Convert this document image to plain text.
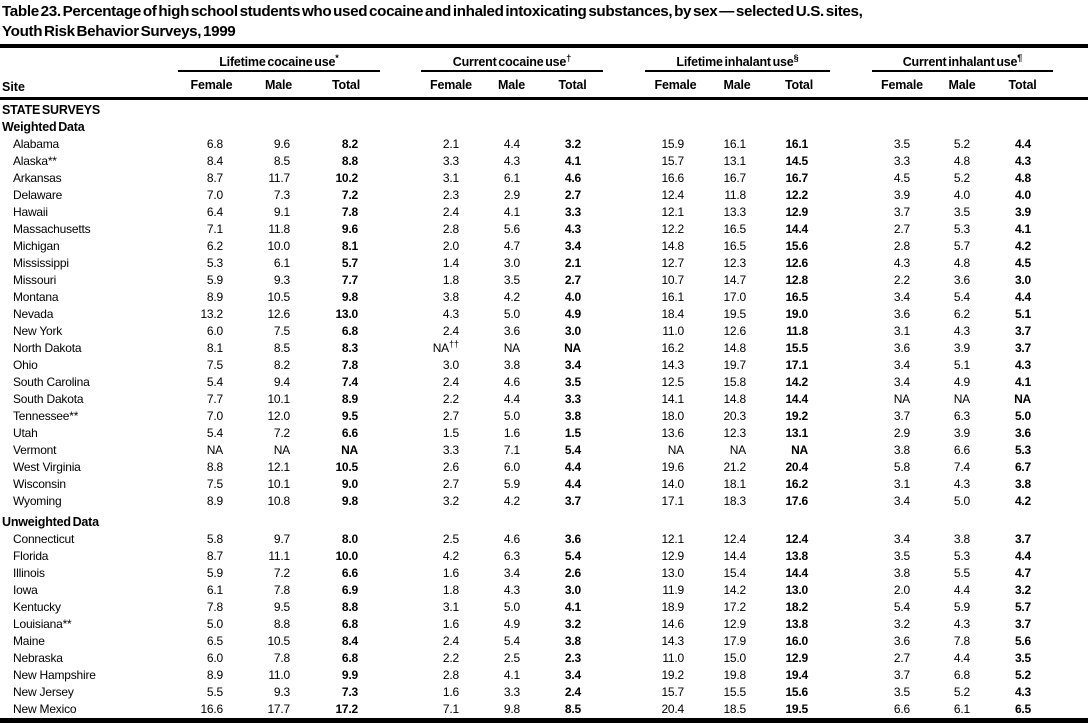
Table 23. Percentage of high school students who used cocaine and inhaled intoxicating substances, by sex — selected U.S. sites,
Youth Risk Behavior Surveys, 1999
	Lifetime cocaine use*				Current cocaine use†				Lifetime inhalant use§				Current inhalant use¶	
Site	Female	Male	Total		Female	Male	Total		Female	Male	Total		Female	Male	Total	
STATE SURVEYS																
Weighted Data																
Alabama	6.8	9.6	8.2		2.1	4.4	3.2		15.9	16.1	16.1		3.5	5.2	4.4	
Alaska**	8.4	8.5	8.8		3.3	4.3	4.1		15.7	13.1	14.5		3.3	4.8	4.3	
Arkansas	8.7	11.7	10.2		3.1	6.1	4.6		16.6	16.7	16.7		4.5	5.2	4.8	
Delaware	7.0	7.3	7.2		2.3	2.9	2.7		12.4	11.8	12.2		3.9	4.0	4.0	
Hawaii	6.4	9.1	7.8		2.4	4.1	3.3		12.1	13.3	12.9		3.7	3.5	3.9	
Massachusetts	7.1	11.8	9.6		2.8	5.6	4.3		12.2	16.5	14.4		2.7	5.3	4.1	
Michigan	6.2	10.0	8.1		2.0	4.7	3.4		14.8	16.5	15.6		2.8	5.7	4.2	
Mississippi	5.3	6.1	5.7		1.4	3.0	2.1		12.7	12.3	12.6		4.3	4.8	4.5	
Missouri	5.9	9.3	7.7		1.8	3.5	2.7		10.7	14.7	12.8		2.2	3.6	3.0	
Montana	8.9	10.5	9.8		3.8	4.2	4.0		16.1	17.0	16.5		3.4	5.4	4.4	
Nevada	13.2	12.6	13.0		4.3	5.0	4.9		18.4	19.5	19.0		3.6	6.2	5.1	
New York	6.0	7.5	6.8		2.4	3.6	3.0		11.0	12.6	11.8		3.1	4.3	3.7	
North Dakota	8.1	8.5	8.3		NA††	NA	NA		16.2	14.8	15.5		3.6	3.9	3.7	
Ohio	7.5	8.2	7.8		3.0	3.8	3.4		14.3	19.7	17.1		3.4	5.1	4.3	
South Carolina	5.4	9.4	7.4		2.4	4.6	3.5		12.5	15.8	14.2		3.4	4.9	4.1	
South Dakota	7.7	10.1	8.9		2.2	4.4	3.3		14.1	14.8	14.4		NA	NA	NA	
Tennessee**	7.0	12.0	9.5		2.7	5.0	3.8		18.0	20.3	19.2		3.7	6.3	5.0	
Utah	5.4	7.2	6.6		1.5	1.6	1.5		13.6	12.3	13.1		2.9	3.9	3.6	
Vermont	NA	NA	NA		3.3	7.1	5.4		NA	NA	NA		3.8	6.6	5.3	
West Virginia	8.8	12.1	10.5		2.6	6.0	4.4		19.6	21.2	20.4		5.8	7.4	6.7	
Wisconsin	7.5	10.1	9.0		2.7	5.9	4.4		14.0	18.1	16.2		3.1	4.3	3.8	
Wyoming	8.9	10.8	9.8		3.2	4.2	3.7		17.1	18.3	17.6		3.4	5.0	4.2	
Unweighted Data																
Connecticut	5.8	9.7	8.0		2.5	4.6	3.6		12.1	12.4	12.4		3.4	3.8	3.7	
Florida	8.7	11.1	10.0		4.2	6.3	5.4		12.9	14.4	13.8		3.5	5.3	4.4	
Illinois	5.9	7.2	6.6		1.6	3.4	2.6		13.0	15.4	14.4		3.8	5.5	4.7	
Iowa	6.1	7.8	6.9		1.8	4.3	3.0		11.9	14.2	13.0		2.0	4.4	3.2	
Kentucky	7.8	9.5	8.8		3.1	5.0	4.1		18.9	17.2	18.2		5.4	5.9	5.7	
Louisiana**	5.0	8.8	6.8		1.6	4.9	3.2		14.6	12.9	13.8		3.2	4.3	3.7	
Maine	6.5	10.5	8.4		2.4	5.4	3.8		14.3	17.9	16.0		3.6	7.8	5.6	
Nebraska	6.0	7.8	6.8		2.2	2.5	2.3		11.0	15.0	12.9		2.7	4.4	3.5	
New Hampshire	8.9	11.0	9.9		2.8	4.1	3.4		19.2	19.8	19.4		3.7	6.8	5.2	
New Jersey	5.5	9.3	7.3		1.6	3.3	2.4		15.7	15.5	15.6		3.5	5.2	4.3	
New Mexico	16.6	17.7	17.2		7.1	9.8	8.5		20.4	18.5	19.5		6.6	6.1	6.5	
